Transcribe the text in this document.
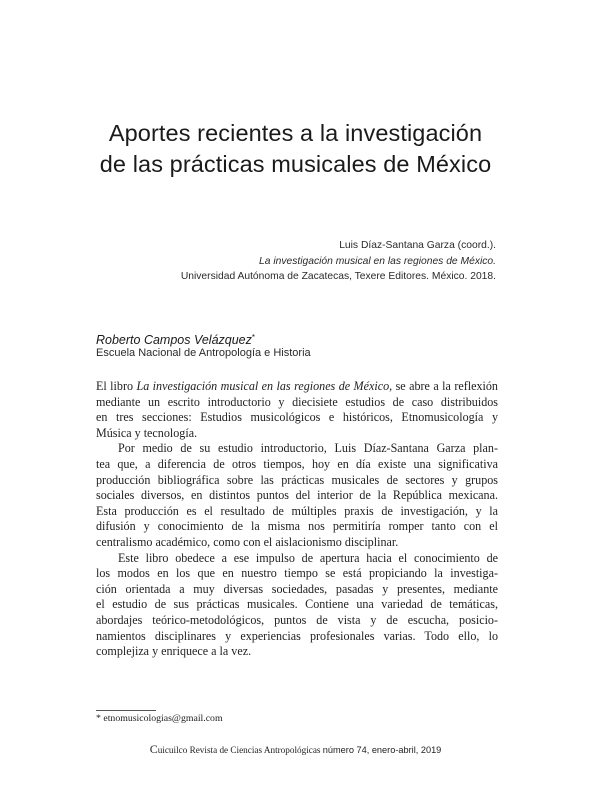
Aportes recientes a la investigación
de las prácticas musicales de México
Luis Díaz-Santana Garza (coord.).
La investigación musical en las regiones de México.
Universidad Autónoma de Zacatecas, Texere Editores. México. 2018.
Roberto Campos Velázquez*
Escuela Nacional de Antropología e Historia
El libro La investigación musical en las regiones de México, se abre a la reflexión
mediante un escrito introductorio y diecisiete estudios de caso distribuidos
en tres secciones: Estudios musicológicos e históricos, Etnomusicología y
Música y tecnología.
Por medio de su estudio introductorio, Luis Díaz-Santana Garza plan-
tea que, a diferencia de otros tiempos, hoy en día existe una significativa
producción bibliográfica sobre las prácticas musicales de sectores y grupos
sociales diversos, en distintos puntos del interior de la República mexicana.
Esta producción es el resultado de múltiples praxis de investigación, y la
difusión y conocimiento de la misma nos permitiría romper tanto con el
centralismo académico, como con el aislacionismo disciplinar.
Este libro obedece a ese impulso de apertura hacia el conocimiento de
los modos en los que en nuestro tiempo se está propiciando la investiga-
ción orientada a muy diversas sociedades, pasadas y presentes, mediante
el estudio de sus prácticas musicales. Contiene una variedad de temáticas,
abordajes teórico-metodológicos, puntos de vista y de escucha, posicio-
namientos disciplinares y experiencias profesionales varias. Todo ello, lo
complejiza y enriquece a la vez.
* etnomusicologias@gmail.com
Cuicuilco Revista de Ciencias Antropológicas número 74, enero-abril, 2019
